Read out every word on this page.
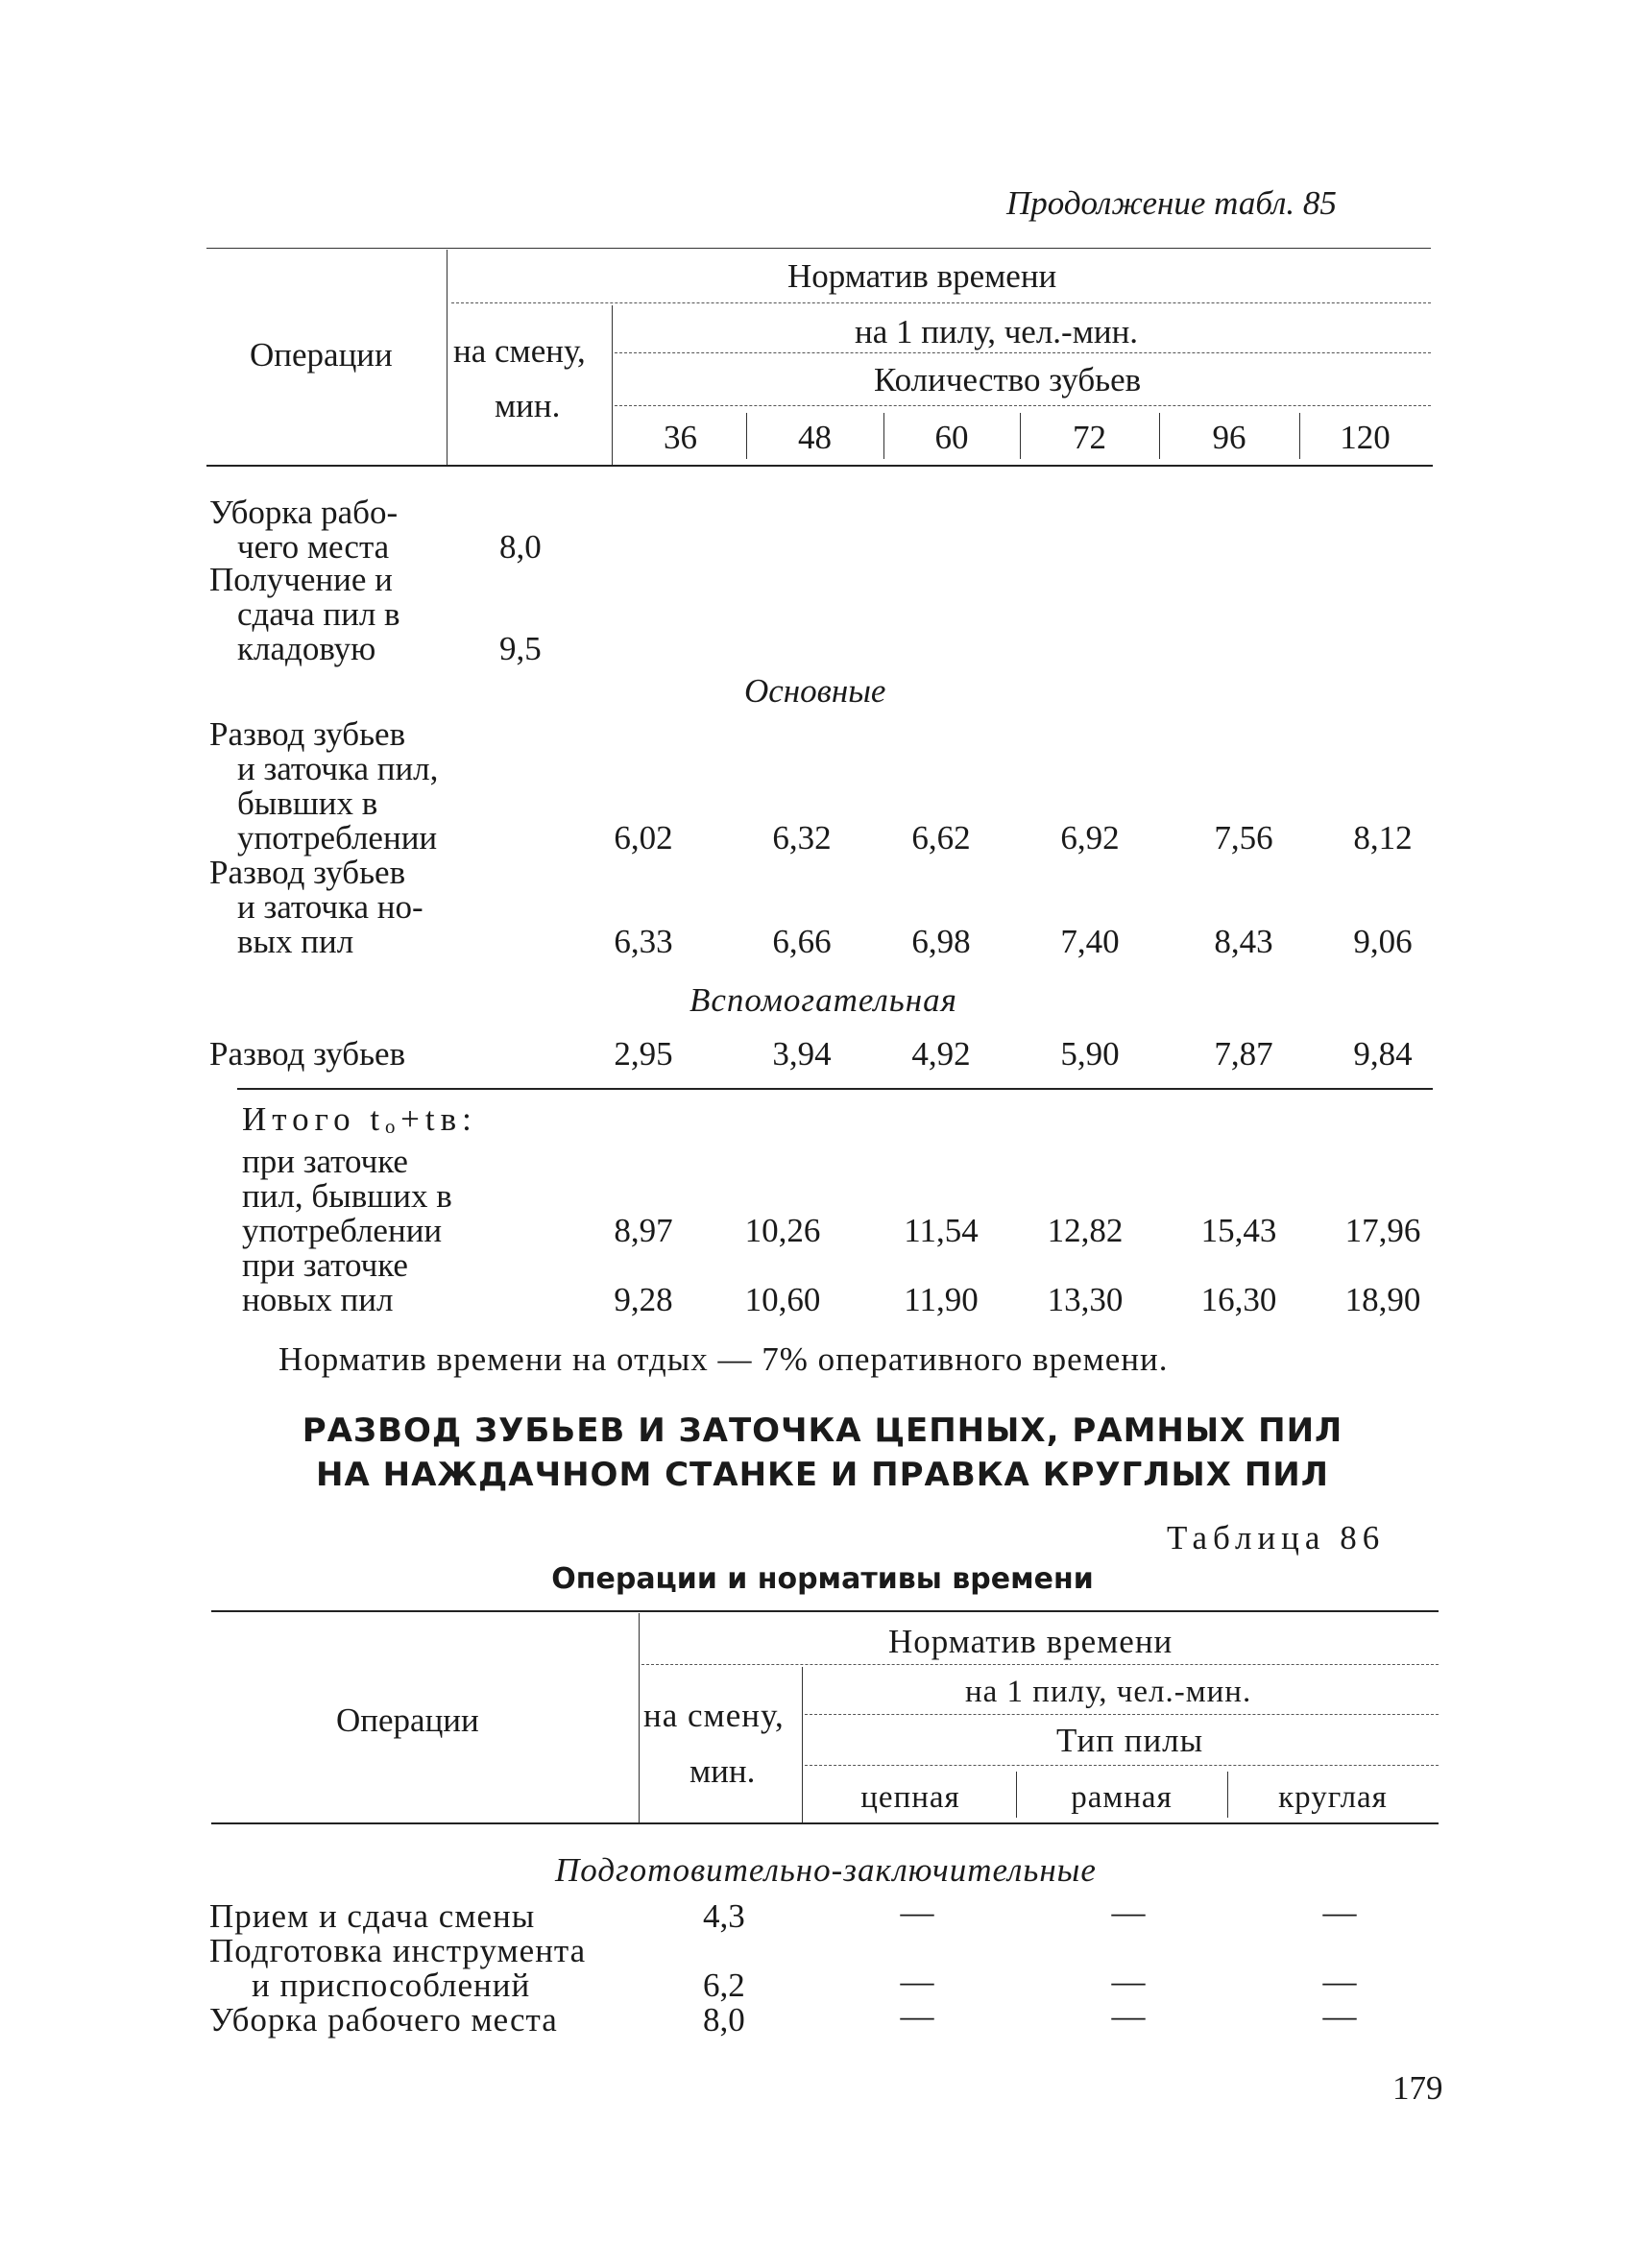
Продолжение табл. 85
Операции
Норматив времени
на смену,
мин.
на 1 пилу, чел.-мин.
Количество зубьев
36	48	60	72	96	120
Уборка рабо-
чего места	8,0
Получение и
сдача пил в
кладовую	9,5
Основные
Развод зубьев
и заточка пил,
бывших в
употреблении	6,02	6,32	6,62	6,92	7,56	8,12
Развод зубьев
и заточка но-
вых пил	6,33	6,66	6,98	7,40	8,43	9,06
Вспомогательная
Развод зубьев	2,95	3,94	4,92	5,90	7,87	9,84
Итого tₒ+tв:
при заточке
пил, бывших в
употреблении	8,97	10,26	11,54	12,82	15,43	17,96
при заточке
новых пил	9,28	10,60	11,90	13,30	16,30	18,90
Норматив времени на отдых — 7% оперативного времени.
РАЗВОД ЗУБЬЕВ И ЗАТОЧКА ЦЕПНЫХ, РАМНЫХ ПИЛ
НА НАЖДАЧНОМ СТАНКЕ И ПРАВКА КРУГЛЫХ ПИЛ
Таблица 86
Операции и нормативы времени
Операции
Норматив времени
на смену,
мин.
на 1 пилу, чел.-мин.
Тип пилы
цепная	рамная	круглая
Подготовительно-заключительные
Прием и сдача смены	4,3	—	—	—
Подготовка инструмента
и приспособлений	6,2	—	—	—
Уборка рабочего места	8,0	—	—	—
179
